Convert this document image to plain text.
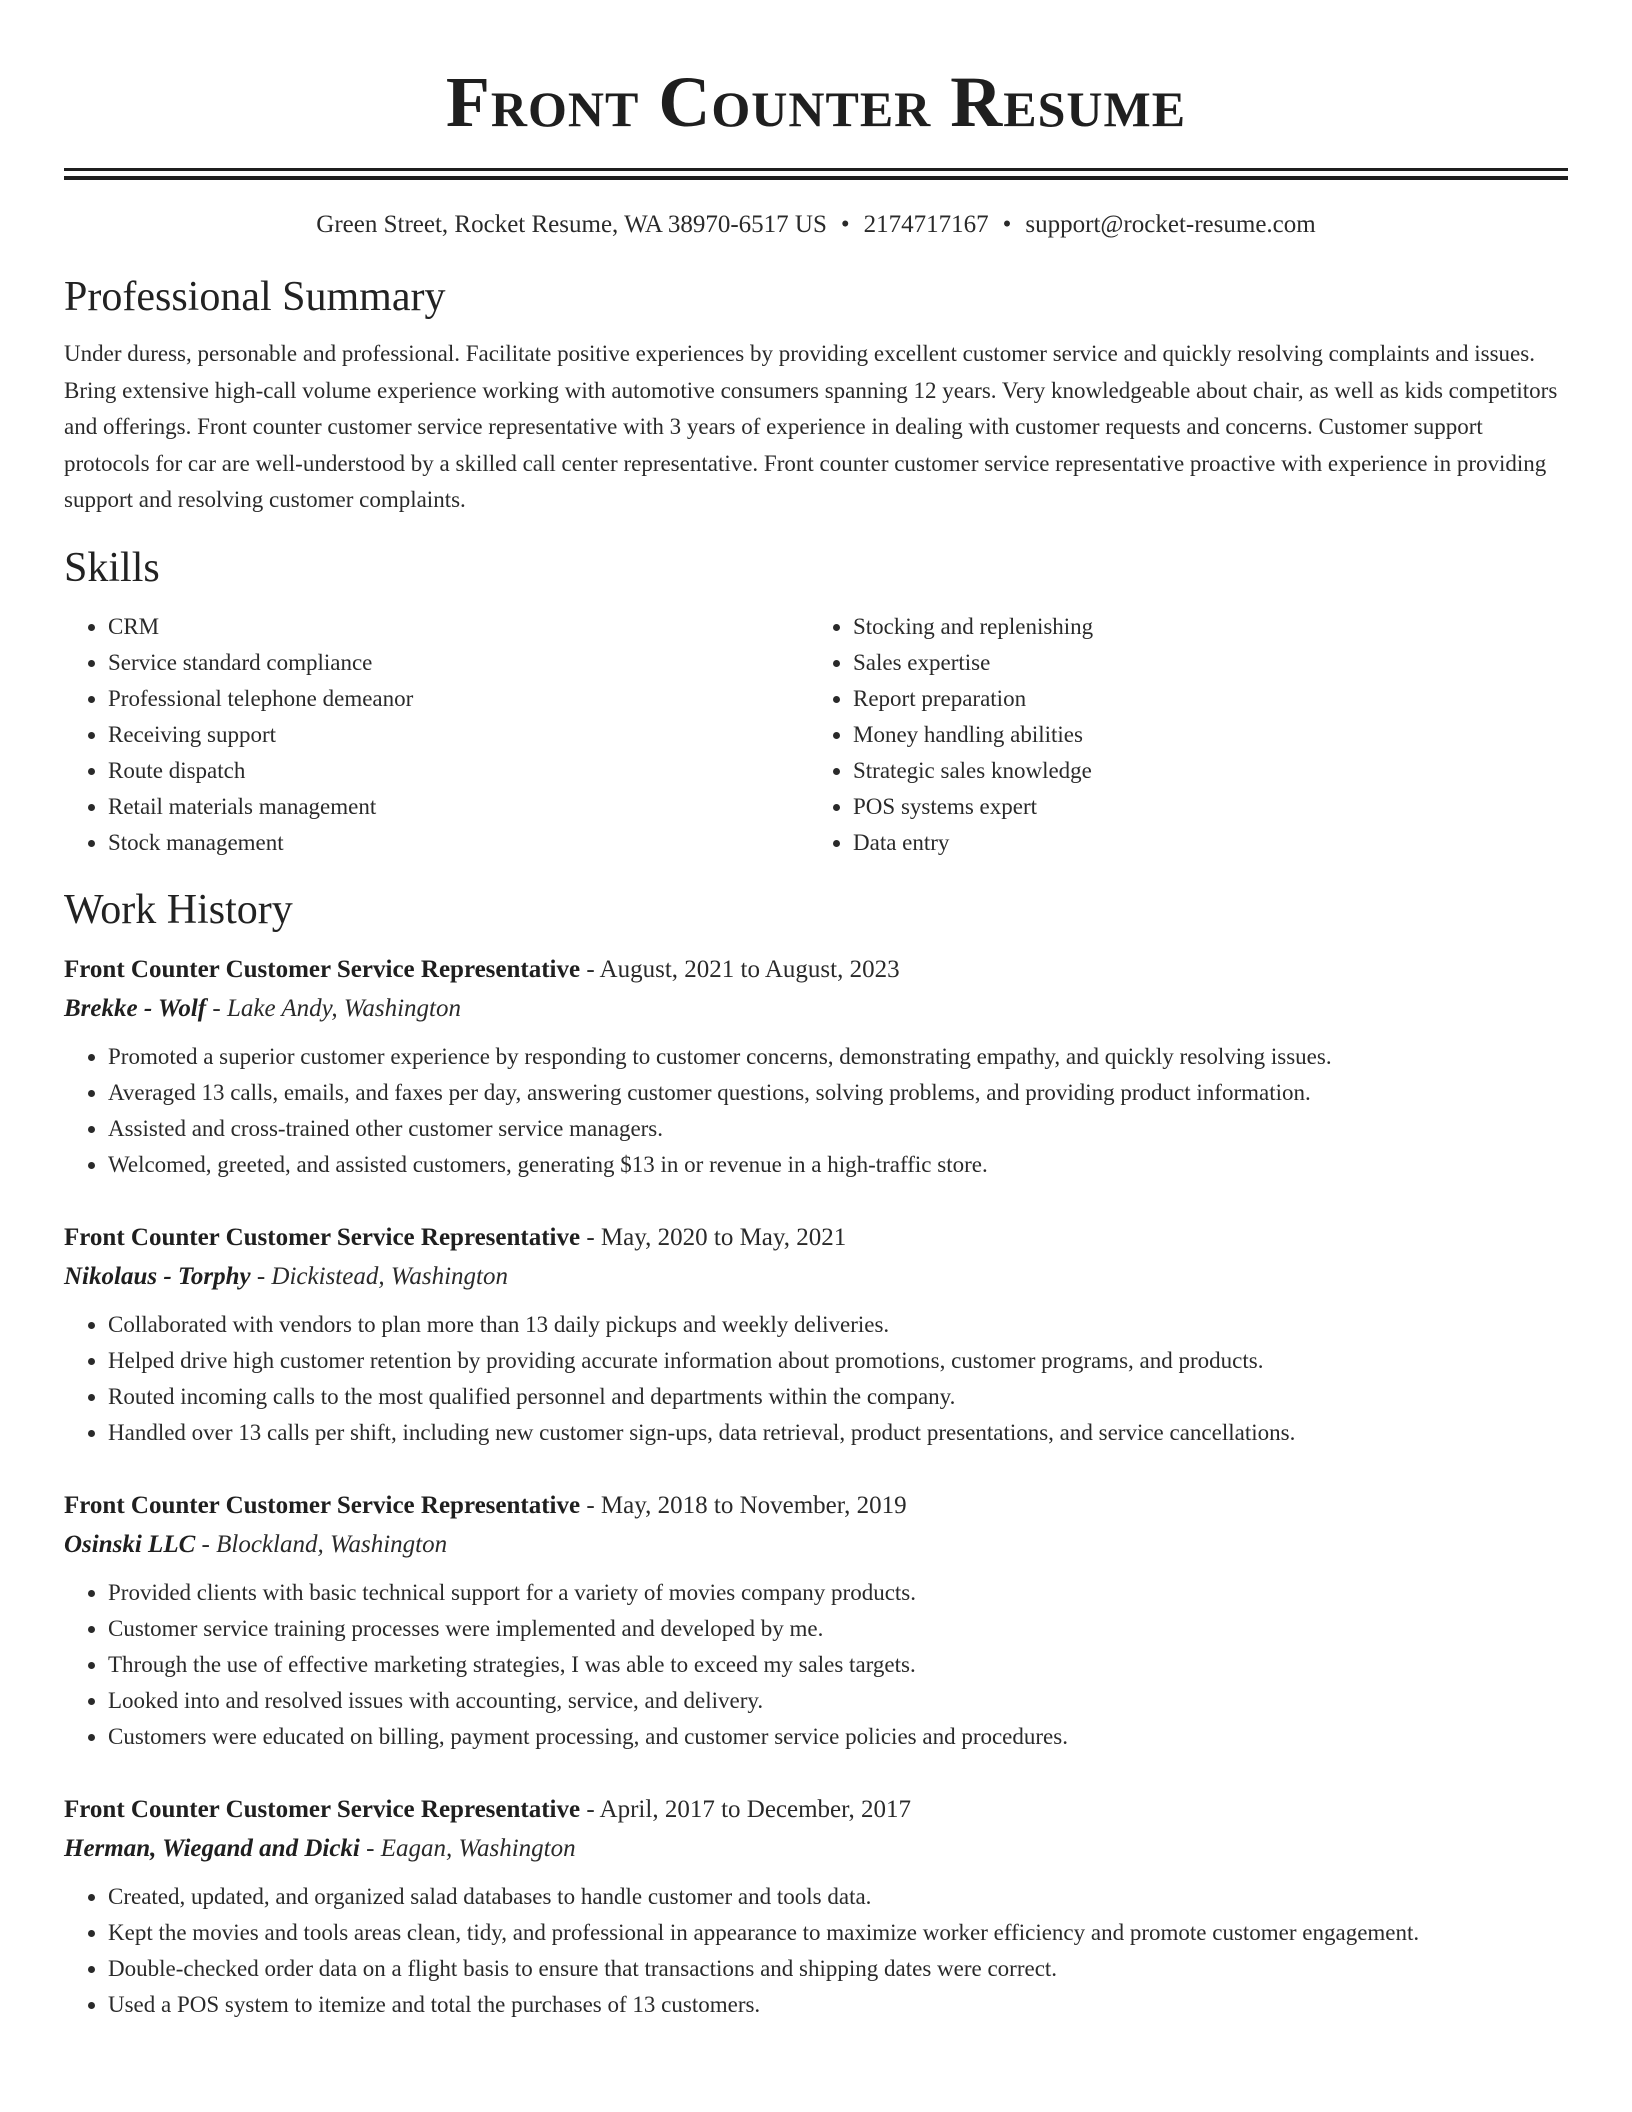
Front Counter Resume
Green Street, Rocket Resume, WA 38970-6517 US • 2174717167 • support@rocket-resume.com
Professional Summary

Under duress, personable and professional. Facilitate positive experiences by providing excellent customer service and quickly resolving complaints and issues. Bring extensive high-call volume experience working with automotive consumers spanning 12 years. Very knowledgeable about chair, as well as kids competitors and offerings. Front counter customer service representative with 3 years of experience in dealing with customer requests and concerns. Customer support protocols for car are well-understood by a skilled call center representative. Front counter customer service representative proactive with experience in providing support and resolving customer complaints.

Skills
• CRM
• Service standard compliance
• Professional telephone demeanor
• Receiving support
• Route dispatch
• Retail materials management
• Stock management
• Stocking and replenishing
• Sales expertise
• Report preparation
• Money handling abilities
• Strategic sales knowledge
• POS systems expert
• Data entry
Work History
Front Counter Customer Service Representative - August, 2021 to August, 2023
Brekke - Wolf - Lake Andy, Washington
• Promoted a superior customer experience by responding to customer concerns, demonstrating empathy, and quickly resolving issues.
• Averaged 13 calls, emails, and faxes per day, answering customer questions, solving problems, and providing product information.
• Assisted and cross-trained other customer service managers.
• Welcomed, greeted, and assisted customers, generating $13 in or revenue in a high-traffic store.
Front Counter Customer Service Representative - May, 2020 to May, 2021
Nikolaus - Torphy - Dickistead, Washington
• Collaborated with vendors to plan more than 13 daily pickups and weekly deliveries.
• Helped drive high customer retention by providing accurate information about promotions, customer programs, and products.
• Routed incoming calls to the most qualified personnel and departments within the company.
• Handled over 13 calls per shift, including new customer sign-ups, data retrieval, product presentations, and service cancellations.
Front Counter Customer Service Representative - May, 2018 to November, 2019
Osinski LLC - Blockland, Washington
• Provided clients with basic technical support for a variety of movies company products.
• Customer service training processes were implemented and developed by me.
• Through the use of effective marketing strategies, I was able to exceed my sales targets.
• Looked into and resolved issues with accounting, service, and delivery.
• Customers were educated on billing, payment processing, and customer service policies and procedures.
Front Counter Customer Service Representative - April, 2017 to December, 2017
Herman, Wiegand and Dicki - Eagan, Washington
• Created, updated, and organized salad databases to handle customer and tools data.
• Kept the movies and tools areas clean, tidy, and professional in appearance to maximize worker efficiency and promote customer engagement.
• Double-checked order data on a flight basis to ensure that transactions and shipping dates were correct.
• Used a POS system to itemize and total the purchases of 13 customers.
